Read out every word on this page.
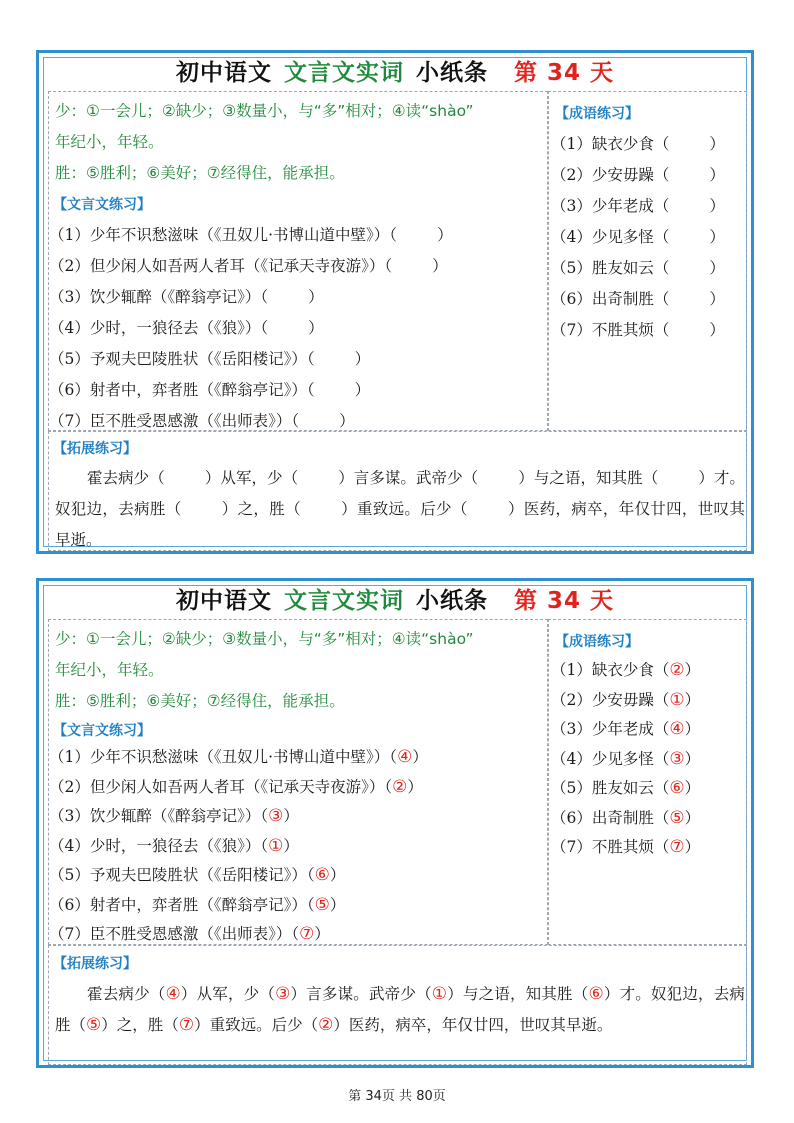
初中语文 文言文实词 小纸条 第 34 天
少：①一会儿；②缺少；③数量小，与“多”相对；④读“shào”
年纪小，年轻。
胜：⑤胜利；⑥美好；⑦经得住，能承担。
【文言文练习】
（1）少年不识愁滋味（《丑奴儿·书博山道中壁》）（	）
（2）但少闲人如吾两人者耳（《记承天寺夜游》）（	）
（3）饮少辄醉（《醉翁亭记》）（	）
（4）少时，一狼径去（《狼》）（	）
（5）予观夫巴陵胜状（《岳阳楼记》）（	）
（6）射者中，弈者胜（《醉翁亭记》）（	）
（7）臣不胜受恩感激（《出师表》）（	）
【成语练习】
（1）缺衣少食（	）
（2）少安毋躁（	）
（3）少年老成（	）
（4）少见多怪（	）
（5）胜友如云（	）
（6）出奇制胜（	）
（7）不胜其烦（	）
【拓展练习】
霍去病少（	）从军，少（	）言多谋。武帝少（	）与之语，知其胜（	）才。奴犯边，去病胜（	）之，胜（	）重致远。后少（	）医药，病卒，年仅廿四，世叹其早逝。
初中语文 文言文实词 小纸条 第 34 天
少：①一会儿；②缺少；③数量小，与“多”相对；④读“shào”
年纪小，年轻。
胜：⑤胜利；⑥美好；⑦经得住，能承担。
【文言文练习】
（1）少年不识愁滋味（《丑奴儿·书博山道中壁》）（④）
（2）但少闲人如吾两人者耳（《记承天寺夜游》）（②）
（3）饮少辄醉（《醉翁亭记》）（③）
（4）少时，一狼径去（《狼》）（①）
（5）予观夫巴陵胜状（《岳阳楼记》）（⑥）
（6）射者中，弈者胜（《醉翁亭记》）（⑤）
（7）臣不胜受恩感激（《出师表》）（⑦）
【成语练习】
（1）缺衣少食（②）
（2）少安毋躁（①）
（3）少年老成（④）
（4）少见多怪（③）
（5）胜友如云（⑥）
（6）出奇制胜（⑤）
（7）不胜其烦（⑦）
【拓展练习】
霍去病少（④）从军，少（③）言多谋。武帝少（①）与之语，知其胜（⑥）才。奴犯边，去病胜（⑤）之，胜（⑦）重致远。后少（②）医药，病卒，年仅廿四，世叹其早逝。
第 34页 共 80页
